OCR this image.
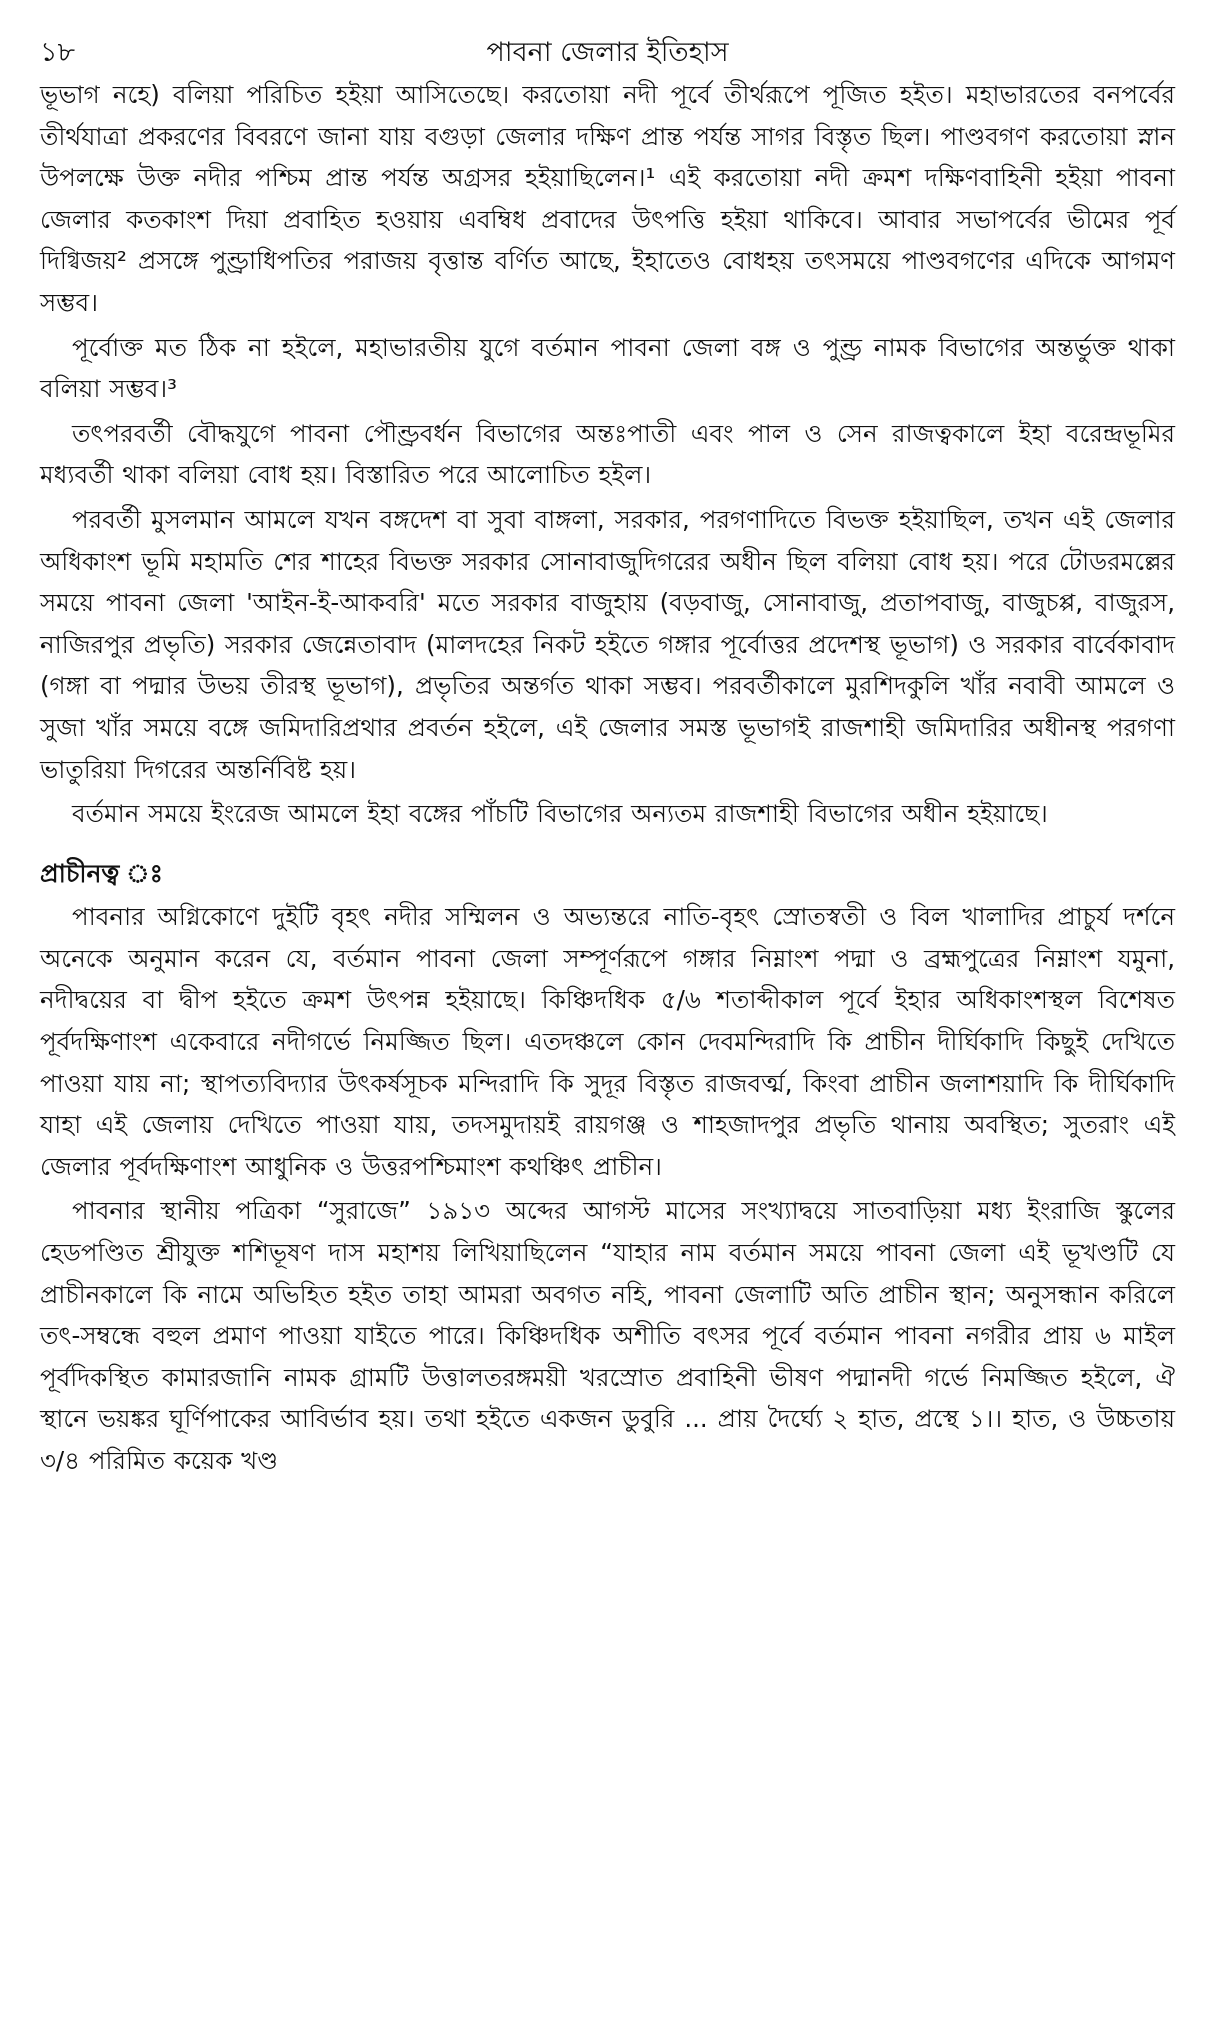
১৮	পাবনা জেলার ইতিহাস

ভূভাগ নহে) বলিয়া পরিচিত হইয়া আসিতেছে। করতোয়া নদী পূর্বে তীর্থরূপে পূজিত হইত। মহাভারতের বনপর্বের তীর্থযাত্রা প্রকরণের বিবরণে জানা যায় বগুড়া জেলার দক্ষিণ প্রান্ত পর্যন্ত সাগর বিস্তৃত ছিল। পাণ্ডবগণ করতোয়া স্নান উপলক্ষে উক্ত নদীর পশ্চিম প্রান্ত পর্যন্ত অগ্রসর হইয়াছিলেন।¹ এই করতোয়া নদী ক্রমশ দক্ষিণবাহিনী হইয়া পাবনা জেলার কতকাংশ দিয়া প্রবাহিত হওয়ায় এবম্বিধ প্রবাদের উৎপত্তি হইয়া থাকিবে। আবার সভাপর্বের ভীমের পূর্ব দিগ্বিজয়² প্রসঙ্গে পুণ্ড্রাধিপতির পরাজয় বৃত্তান্ত বর্ণিত আছে, ইহাতেও বোধহয় তৎসময়ে পাণ্ডবগণের এদিকে আগমণ সম্ভব।

পূর্বোক্ত মত ঠিক না হইলে, মহাভারতীয় যুগে বর্তমান পাবনা জেলা বঙ্গ ও পুণ্ড্র নামক বিভাগের অন্তর্ভুক্ত থাকা বলিয়া সম্ভব।³

তৎপরবর্তী বৌদ্ধযুগে পাবনা পৌণ্ড্রবর্ধন বিভাগের অন্তঃপাতী এবং পাল ও সেন রাজত্বকালে ইহা বরেন্দ্রভূমির মধ্যবর্তী থাকা বলিয়া বোধ হয়। বিস্তারিত পরে আলোচিত হইল।

পরবর্তী মুসলমান আমলে যখন বঙ্গদেশ বা সুবা বাঙ্গলা, সরকার, পরগণাদিতে বিভক্ত হইয়াছিল, তখন এই জেলার অধিকাংশ ভূমি মহামতি শের শাহের বিভক্ত সরকার সোনাবাজুদিগরের অধীন ছিল বলিয়া বোধ হয়। পরে টোডরমল্লের সময়ে পাবনা জেলা 'আইন-ই-আকবরি' মতে সরকার বাজুহায় (বড়বাজু, সোনাবাজু, প্রতাপবাজু, বাজুচপ্প, বাজুরস, নাজিরপুর প্রভৃতি) সরকার জেন্নেতাবাদ (মালদহের নিকট হইতে গঙ্গার পূর্বোত্তর প্রদেশস্থ ভূভাগ) ও সরকার বার্বেকাবাদ (গঙ্গা বা পদ্মার উভয় তীরস্থ ভূভাগ), প্রভৃতির অন্তর্গত থাকা সম্ভব। পরবর্তীকালে মুরশিদকুলি খাঁর নবাবী আমলে ও সুজা খাঁর সময়ে বঙ্গে জমিদারিপ্রথার প্রবর্তন হইলে, এই জেলার সমস্ত ভূভাগই রাজশাহী জমিদারির অধীনস্থ পরগণা ভাতুরিয়া দিগরের অন্তর্নিবিষ্ট হয়।

বর্তমান সময়ে ইংরেজ আমলে ইহা বঙ্গের পাঁচটি বিভাগের অন্যতম রাজশাহী বিভাগের অধীন হইয়াছে।

প্রাচীনত্ব ঃ

পাবনার অগ্নিকোণে দুইটি বৃহৎ নদীর সম্মিলন ও অভ্যন্তরে নাতি-বৃহৎ স্রোতস্বতী ও বিল খালাদির প্রাচুর্য দর্শনে অনেকে অনুমান করেন যে, বর্তমান পাবনা জেলা সম্পূর্ণরূপে গঙ্গার নিম্নাংশ পদ্মা ও ব্রহ্মপুত্রের নিম্নাংশ যমুনা, নদীদ্বয়ের বা দ্বীপ হইতে ক্রমশ উৎপন্ন হইয়াছে। কিঞ্চিদধিক ৫/৬ শতাব্দীকাল পূর্বে ইহার অধিকাংশস্থল বিশেষত পূর্বদক্ষিণাংশ একেবারে নদীগর্ভে নিমজ্জিত ছিল। এতদঞ্চলে কোন দেবমন্দিরাদি কি প্রাচীন দীর্ঘিকাদি কিছুই দেখিতে পাওয়া যায় না; স্থাপত্যবিদ্যার উৎকর্ষসূচক মন্দিরাদি কি সুদূর বিস্তৃত রাজবর্ত্ম, কিংবা প্রাচীন জলাশয়াদি কি দীর্ঘিকাদি যাহা এই জেলায় দেখিতে পাওয়া যায়, তদসমুদায়ই রায়গঞ্জ ও শাহজাদপুর প্রভৃতি থানায় অবস্থিত; সুতরাং এই জেলার পূর্বদক্ষিণাংশ আধুনিক ও উত্তরপশ্চিমাংশ কথঞ্চিৎ প্রাচীন।

পাবনার স্থানীয় পত্রিকা “সুরাজে” ১৯১৩ অব্দের আগস্ট মাসের সংখ্যাদ্বয়ে সাতবাড়িয়া মধ্য ইংরাজি স্কুলের হেডপণ্ডিত শ্রীযুক্ত শশিভূষণ দাস মহাশয় লিখিয়াছিলেন “যাহার নাম বর্তমান সময়ে পাবনা জেলা এই ভূখণ্ডটি যে প্রাচীনকালে কি নামে অভিহিত হইত তাহা আমরা অবগত নহি, পাবনা জেলাটি অতি প্রাচীন স্থান; অনুসন্ধান করিলে তৎ-সম্বন্ধে বহুল প্রমাণ পাওয়া যাইতে পারে। কিঞ্চিদধিক অশীতি বৎসর পূর্বে বর্তমান পাবনা নগরীর প্রায় ৬ মাইল পূর্বদিকস্থিত কামারজানি নামক গ্রামটি উত্তালতরঙ্গময়ী খরস্রোত প্রবাহিনী ভীষণ পদ্মানদী গর্ভে নিমজ্জিত হইলে, ঐ স্থানে ভয়ঙ্কর ঘূর্ণিপাকের আবির্ভাব হয়। তথা হইতে একজন ডুবুরি ... প্রায় দৈর্ঘ্যে ২ হাত, প্রস্থে ১।। হাত, ও উচ্চতায় ৩/৪ পরিমিত কয়েক খণ্ড
